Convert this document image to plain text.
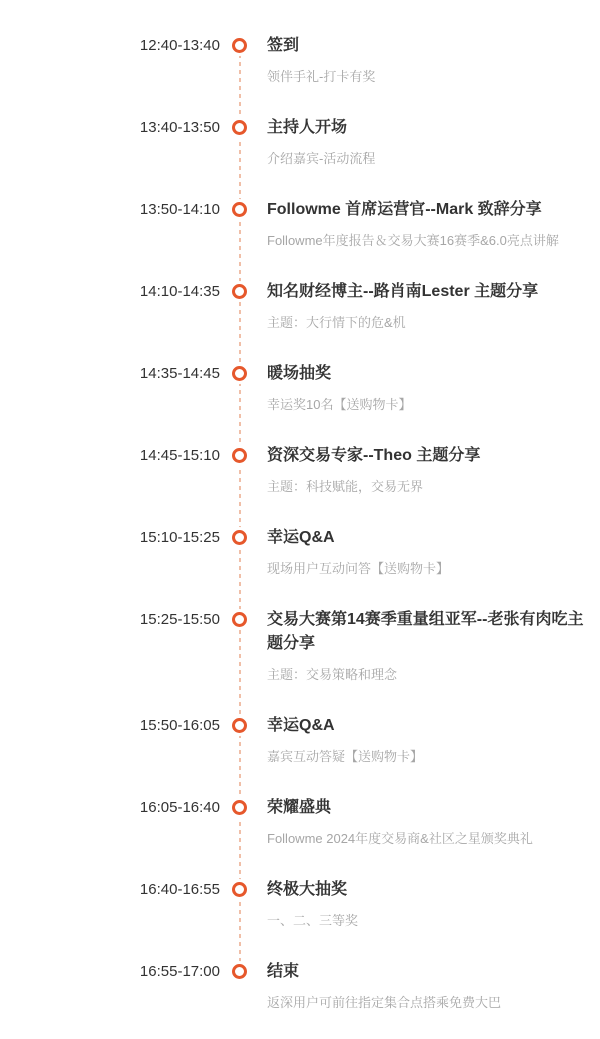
12:40-13:40	签到
领伴手礼-打卡有奖
13:40-13:50	主持人开场
介绍嘉宾-活动流程
13:50-14:10	Followme 首席运营官--Mark 致辞分享
Followme年度报告＆交易大赛16赛季&6.0亮点讲解
14:10-14:35	知名财经博主--路肖南Lester 主题分享
主题：大行情下的危&机
14:35-14:45	暖场抽奖
幸运奖10名【送购物卡】
14:45-15:10	资深交易专家--Theo 主题分享
主题：科技赋能，交易无界
15:10-15:25	幸运Q&A
现场用户互动问答【送购物卡】
15:25-15:50	交易大赛第14赛季重量组亚军--老张有肉吃主题分享
主题：交易策略和理念
15:50-16:05	幸运Q&A
嘉宾互动答疑【送购物卡】
16:05-16:40	荣耀盛典
Followme 2024年度交易商&社区之星颁奖典礼
16:40-16:55	终极大抽奖
一、二、三等奖
16:55-17:00	结束
返深用户可前往指定集合点搭乘免费大巴
